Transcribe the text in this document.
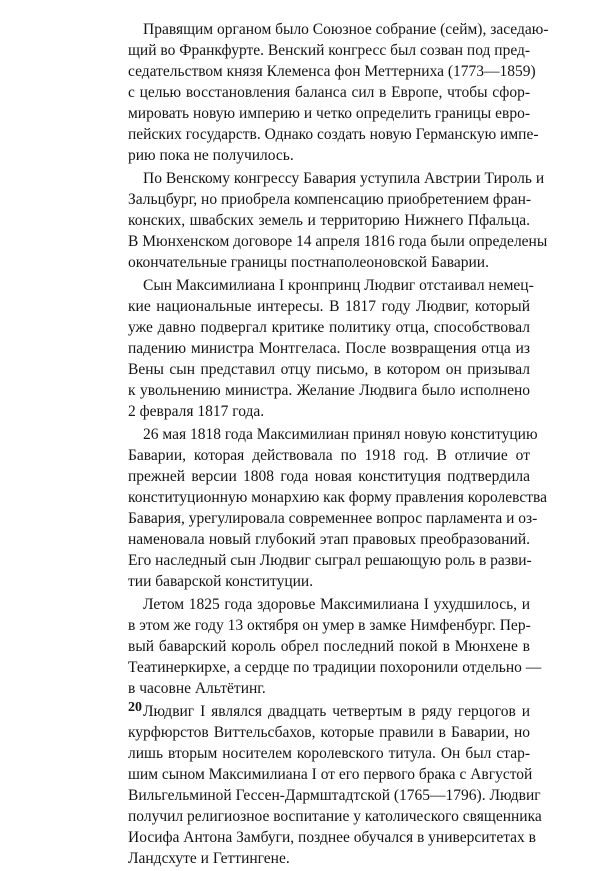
Правящим органом было Союзное собрание (сейм), заседаю-
щий во Франкфурте. Венский конгресс был созван под пред-
седательством князя Клеменса фон Меттерниха (1773—1859)
с целью восстановления баланса сил в Европе, чтобы сфор-
мировать новую империю и четко определить границы евро-
пейских государств. Однако создать новую Германскую импе-
рию пока не получилось.
По Венскому конгрессу Бавария уступила Австрии Тироль и
Зальцбург, но приобрела компенсацию приобретением фран-
конских, швабских земель и территорию Нижнего Пфальца.
В Мюнхенском договоре 14 апреля 1816 года были определены
окончательные границы постнаполеоновской Баварии.
Сын Максимилиана I кронпринц Людвиг отстаивал немец-
кие национальные интересы. В 1817 году Людвиг, который
уже давно подвергал критике политику отца, способствовал
падению министра Монтгеласа. После возвращения отца из
Вены сын представил отцу письмо, в котором он призывал
к увольнению министра. Желание Людвига было исполнено
2 февраля 1817 года.
26 мая 1818 года Максимилиан принял новую конституцию
Баварии, которая действовала по 1918 год. В отличие от
прежней версии 1808 года новая конституция подтвердила
конституционную монархию как форму правления королевства
Бавария, урегулировала современнее вопрос парламента и оз-
наменовала новый глубокий этап правовых преобразований.
Его наследный сын Людвиг сыграл решающую роль в разви-
тии баварской конституции.
Летом 1825 года здоровье Максимилиана I ухудшилось, и
в этом же году 13 октября он умер в замке Нимфенбург. Пер-
вый баварский король обрел последний покой в Мюнхене в
Театинеркирхе, а сердце по традиции похоронили отдельно —
в часовне Альтётинг.
Людвиг I являлся двадцать четвертым в ряду герцогов и
курфюрстов Виттельсбахов, которые правили в Баварии, но
лишь вторым носителем королевского титула. Он был стар-
шим сыном Максимилиана I от его первого брака с Августой
Вильгельминой Гессен-Дармштадтской (1765—1796). Людвиг
получил религиозное воспитание у католического священника
Иосифа Антона Замбуги, позднее обучался в университетах в
Ландсхуте и Геттингене.
20
